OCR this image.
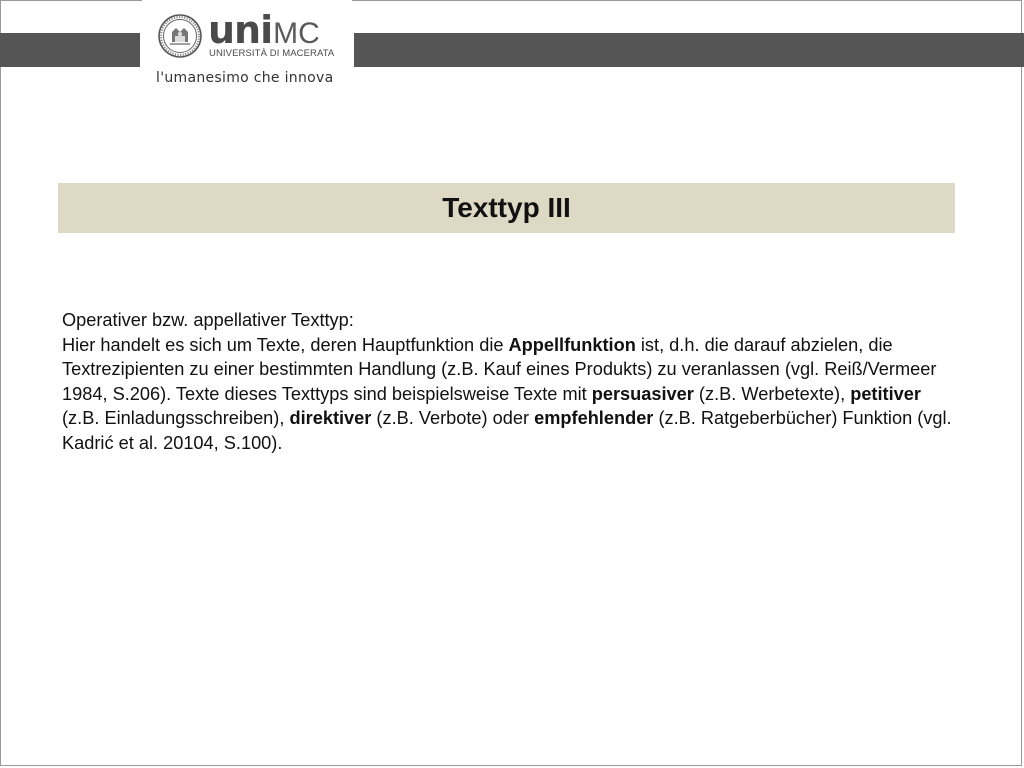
uni MC
UNIVERSITÀ DI MACERATA
l'umanesimo che innova
Texttyp III

Operativer bzw. appellativer Texttyp:

Hier handelt es sich um Texte, deren Hauptfunktion die Appellfunktion ist, d.h. die darauf abzielen, die Textrezipienten zu einer bestimmten Handlung (z.B. Kauf eines Produkts) zu veranlassen (vgl. Reiß/Vermeer 1984, S.206). Texte dieses Texttyps sind beispielsweise Texte mit persuasiver (z.B. Werbetexte), petitiver (z.B. Einladungsschreiben), direktiver (z.B. Verbote) oder empfehlender (z.B. Ratgeberbücher) Funktion (vgl. Kadrić et al. 20104, S.100).
